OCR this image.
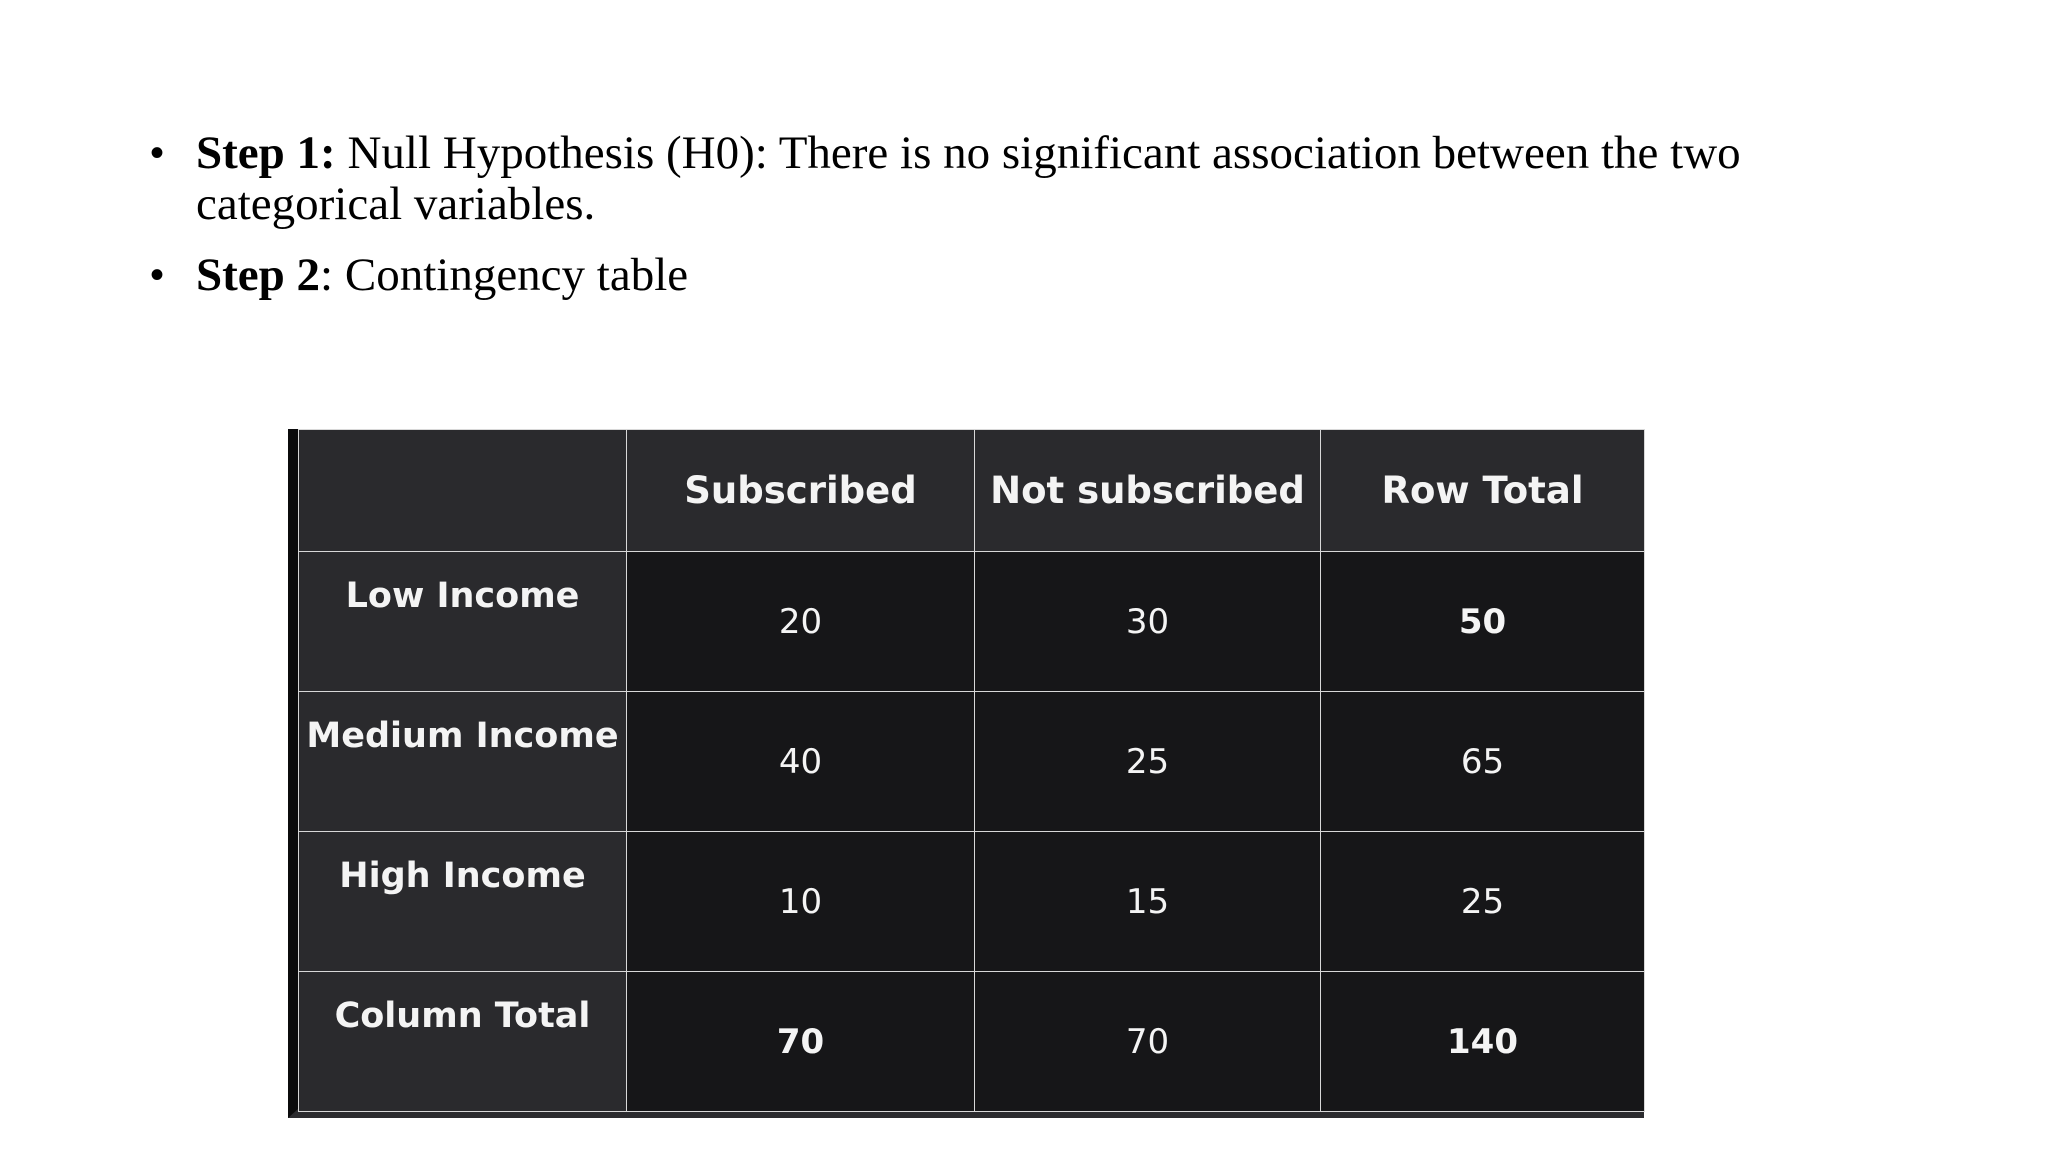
• Step 1: Null Hypothesis (H0): There is no significant association between the two categorical variables.
• Step 2: Contingency table
	Subscribed	Not subscribed	Row Total
Low Income	20	30	50
Medium Income	40	25	65
High Income	10	15	25
Column Total	70	70	140
